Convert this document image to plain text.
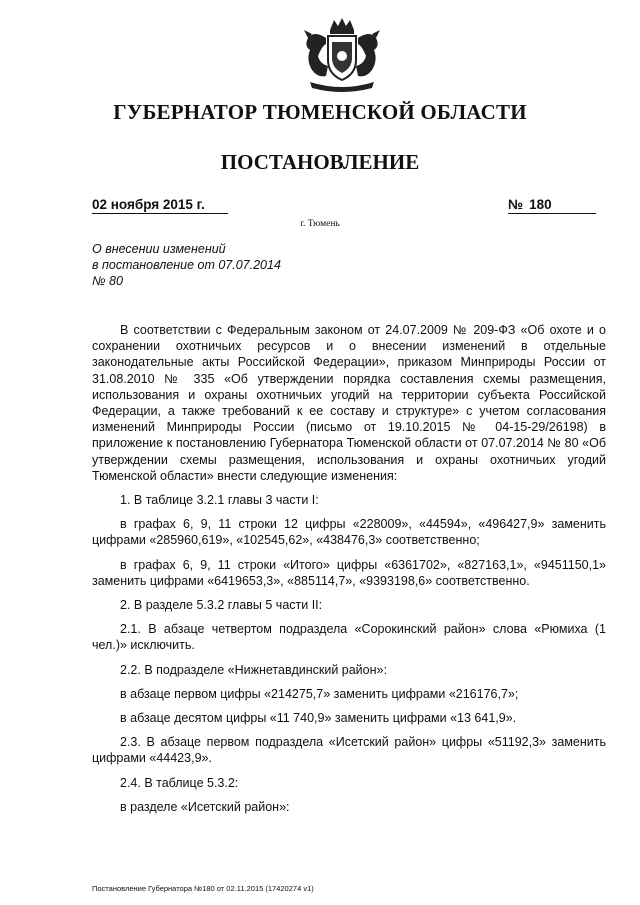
ГУБЕРНАТОР ТЮМЕНСКОЙ ОБЛАСТИ
ПОСТАНОВЛЕНИЕ
02 ноября 2015 г.	№ 180
г. Тюмень
О внесении изменений
в постановление от 07.07.2014
№ 80

В соответствии с Федеральным законом от 24.07.2009 № 209-ФЗ «Об охоте и о сохранении охотничьих ресурсов и о внесении изменений в отдельные законодательные акты Российской Федерации», приказом Минприроды России от 31.08.2010 № 335 «Об утверждении порядка составления схемы размещения, использования и охраны охотничьих угодий на территории субъекта Российской Федерации, а также требований к ее составу и структуре» с учетом согласования изменений Минприроды России (письмо от 19.10.2015 № 04-15-29/26198) в приложение к постановлению Губернатора Тюменской области от 07.07.2014 № 80 «Об утверждении схемы размещения, использования и охраны охотничьих угодий Тюменской области» внести следующие изменения:

1. В таблице 3.2.1 главы 3 части I:

в графах 6, 9, 11 строки 12 цифры «228009», «44594», «496427,9» заменить цифрами «285960,619», «102545,62», «438476,3» соответственно;

в графах 6, 9, 11 строки «Итого» цифры «6361702», «827163,1», «9451150,1» заменить цифрами «6419653,3», «885114,7», «9393198,6» соответственно.

2. В разделе 5.3.2 главы 5 части II:

2.1. В абзаце четвертом подраздела «Сорокинский район» слова «Рюмиха (1 чел.)» исключить.

2.2. В подразделе «Нижнетавдинский район»:

в абзаце первом цифры «214275,7» заменить цифрами «216176,7»;

в абзаце десятом цифры «11 740,9» заменить цифрами «13 641,9».

2.3. В абзаце первом подраздела «Исетский район» цифры «51192,3» заменить цифрами «44423,9».

2.4. В таблице 5.3.2:

в разделе «Исетский район»:

Постановление Губернатора №180 от 02.11.2015 (17420274 v1)
